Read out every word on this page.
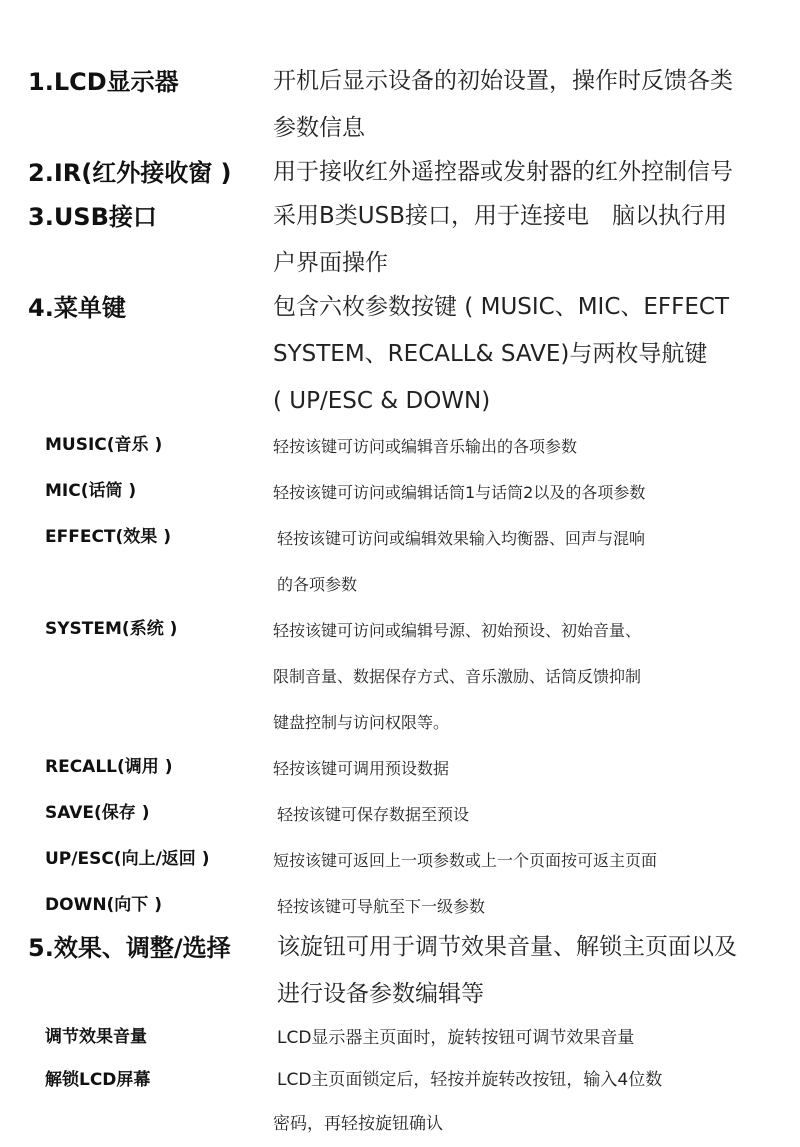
1.LCD显示器	开机后显示设备的初始设置，操作时反馈各类
参数信息
2.IR(红外接收窗 ) 用于接收红外遥控器或发射器的红外控制信号
3.USB接口	采用B类USB接口，用于连接电　脑以执行用
户界面操作
4.菜单键	包含六枚参数按键 ( MUSIC、MIC、EFFECT
SYSTEM、RECALL& SAVE)与两枚导航键
( UP/ESC & DOWN)
MUSIC(音乐 )	轻按该键可访问或编辑音乐输出的各项参数
MIC(话筒 )	轻按该键可访问或编辑话筒1与话筒2以及的各项参数
EFFECT(效果 )	轻按该键可访问或编辑效果输入均衡器、回声与混响
的各项参数
SYSTEM(系统 )	轻按该键可访问或编辑号源、初始预设、初始音量、
限制音量、数据保存方式、音乐激励、话筒反馈抑制
键盘控制与访问权限等。
RECALL(调用 )	轻按该键可调用预设数据
SAVE(保存 )	轻按该键可保存数据至预设
UP/ESC(向上/返回 )	短按该键可返回上一项参数或上一个页面按可返主页面
DOWN(向下 )	轻按该键可导航至下一级参数
5.效果、调整/选择 该旋钮可用于调节效果音量、解锁主页面以及
进行设备参数编辑等
调节效果音量	LCD显示器主页面时，旋转按钮可调节效果音量
解锁LCD屏幕	LCD主页面锁定后，轻按并旋转改按钮，输入4位数
密码，再轻按旋钮确认
